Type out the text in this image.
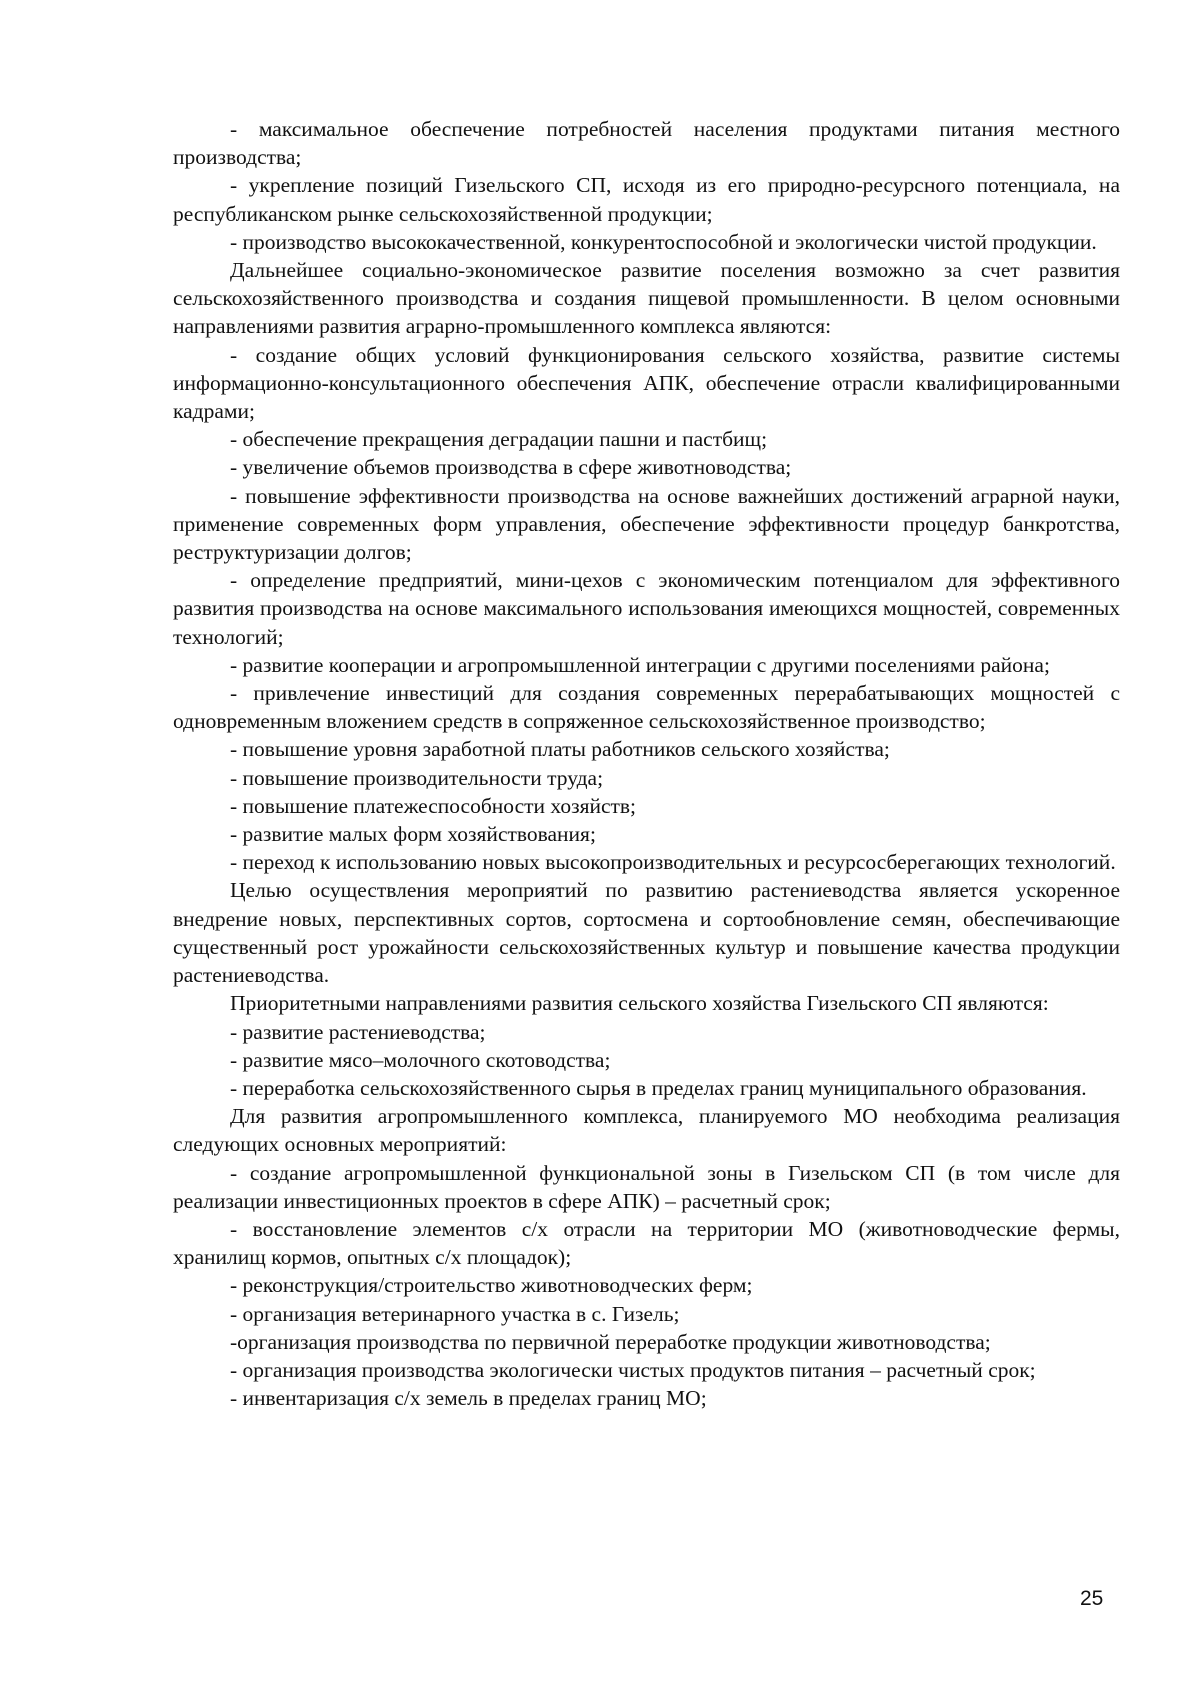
- максимальное обеспечение потребностей населения продуктами питания местного производства;

- укрепление позиций Гизельского СП, исходя из его природно-ресурсного потенциала, на республиканском рынке сельскохозяйственной продукции;

- производство высококачественной, конкурентоспособной и экологически чистой продукции.

Дальнейшее социально-экономическое развитие поселения возможно за счет развития сельскохозяйственного производства и создания пищевой промышленности. В целом основными направлениями развития аграрно-промышленного комплекса являются:

- создание общих условий функционирования сельского хозяйства, развитие системы информационно-консультационного обеспечения АПК, обеспечение отрасли квалифицированными кадрами;

- обеспечение прекращения деградации пашни и пастбищ;

- увеличение объемов производства в сфере животноводства;

- повышение эффективности производства на основе важнейших достижений аграрной науки, применение современных форм управления, обеспечение эффективности процедур банкротства, реструктуризации долгов;

- определение предприятий, мини-цехов с экономическим потенциалом для эффективного развития производства на основе максимального использования имеющихся мощностей, современных технологий;

- развитие кооперации и агропромышленной интеграции с другими поселениями района;

- привлечение инвестиций для создания современных перерабатывающих мощностей с одновременным вложением средств в сопряженное сельскохозяйственное производство;

- повышение уровня заработной платы работников сельского хозяйства;

- повышение производительности труда;

- повышение платежеспособности хозяйств;

- развитие малых форм хозяйствования;

- переход к использованию новых высокопроизводительных и ресурсосберегающих технологий.

Целью осуществления мероприятий по развитию растениеводства является ускоренное внедрение новых, перспективных сортов, сортосмена и сортообновление семян, обеспечивающие существенный рост урожайности сельскохозяйственных культур и повышение качества продукции растениеводства.

Приоритетными направлениями развития сельского хозяйства Гизельского СП являются:

- развитие растениеводства;

- развитие мясо–молочного скотоводства;

- переработка сельскохозяйственного сырья в пределах границ муниципального образования.

Для развития агропромышленного комплекса, планируемого МО необходима реализация следующих основных мероприятий:

- создание агропромышленной функциональной зоны в Гизельском СП (в том числе для реализации инвестиционных проектов в сфере АПК) – расчетный срок;

- восстановление элементов с/х отрасли на территории МО (животноводческие фермы, хранилищ кормов, опытных с/х площадок);

- реконструкция/строительство животноводческих ферм;

- организация ветеринарного участка в с. Гизель;

-организация производства по первичной переработке продукции животноводства;

- организация производства экологически чистых продуктов питания – расчетный срок;

- инвентаризация с/х земель в пределах границ МО;

25
